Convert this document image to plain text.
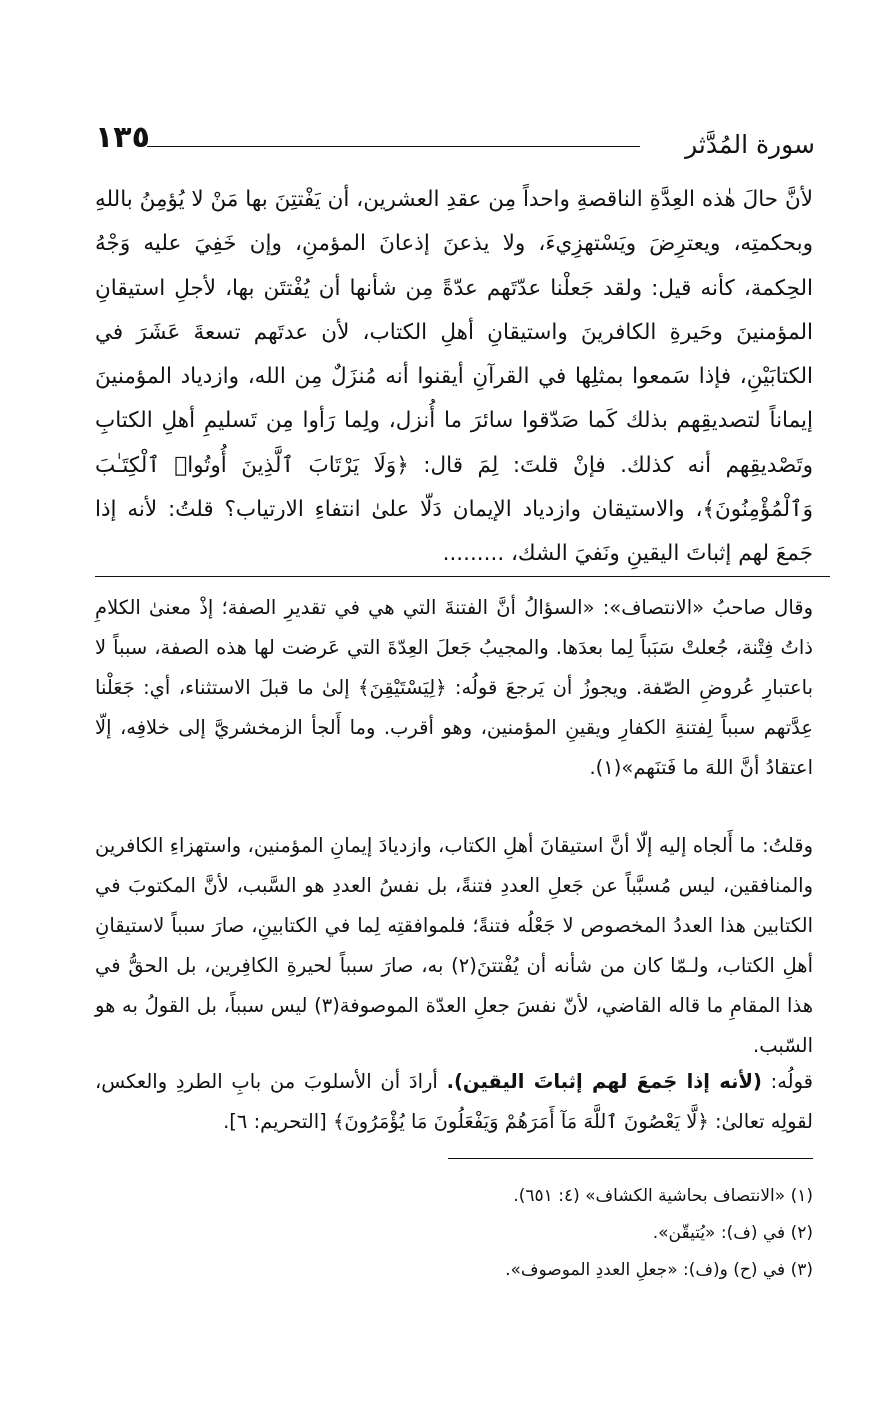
سورة المُدَّثر
١٣٥

لأنَّ حالَ هٰذه العِدَّةِ الناقصةِ واحداً مِن عقدِ العشرين، أن يَفْتتِنَ بها مَنْ لا يُؤمِنُ باللهِ وبحكمتِه، ويعترِضَ ويَسْتهزِيءَ، ولا يذعنَ إذعانَ المؤمنِ، وإن خَفِيَ عليه وَجْهُ الحِكمة، كأنه قيل: ولقد جَعلْنا عدّتَهم عدّةً مِن شأنها أن يُفْتتَن بها، لأجلِ استيقانِ المؤمنينَ وحَيرةِ الكافرينَ واستيقانِ أهلِ الكتاب، لأن عدتَهم تسعةَ عَشَرَ في الكتابَيْنِ، فإذا سَمعوا بمثلِها في القرآنِ أيقنوا أنه مُنزَلٌ مِن الله، وازدياد المؤمنينَ إيماناً لتصديقِهم بذلك كَما صَدّقوا سائرَ ما أُنزل، ولِما رَأوا مِن تَسليمِ أهلِ الكتابِ وتَصْديقِهم أنه كذلك. فإنْ قلتَ: لِمَ قال: ﴿وَلَا يَرْتَابَ ٱلَّذِينَ أُوتُوا۟ ٱلْكِتَـٰبَ وَٱلْمُؤْمِنُونَ﴾، والاستيقان وازدياد الإيمان دَلّا علىٰ انتفاءِ الارتياب؟ قلتُ: لأنه إذا جَمعَ لهم إثباتَ اليقينِ ونَفيَ الشك، .........

وقال صاحبُ «الانتصاف»: «السؤالُ أنَّ الفتنةَ التي هي في تقديرِ الصفة؛ إذْ معنىٰ الكلامِ ذاتُ فِتْنة، جُعلتْ سَبَباً لِما بعدَها. والمجيبُ جَعلَ العِدّةَ التي عَرضت لها هذه الصفة، سبباً لا باعتبارِ عُروضِ الصّفة. ويجوزُ أن يَرجعَ قولُه: ﴿لِيَسْتَيْقِنَ﴾ إلىٰ ما قبلَ الاستثناء، أي: جَعَلْنا عِدَّتهم سبباً لِفتنةِ الكفارِ ويقينِ المؤمنين، وهو أقرب. وما أَلجأ الزمخشريَّ إلى خلافِه، إلّا اعتقادُ أنَّ اللهَ ما فَتنَهم»(١).

وقلتُ: ما أَلجاه إليه إلّا أنَّ استيقانَ أهلِ الكتاب، وازديادَ إيمانِ المؤمنين، واستهزاءِ الكافرين والمنافقين، ليس مُسبَّباً عن جَعلِ العددِ فتنةً، بل نفسُ العددِ هو السَّبب، لأنَّ المكتوبَ في الكتابين هذا العددُ المخصوص لا جَعْلُه فتنةً؛ فلموافقتِه لِما في الكتابينِ، صارَ سبباً لاستيقانِ أهلِ الكتاب، ولـمّا كان من شأنه أن يُفْتتنَ(٢) به، صارَ سبباً لحيرةِ الكافِرين، بل الحقُّ في هذا المقامِ ما قاله القاضي، لأنّ نفسَ جعلِ العدّة الموصوفة(٣) ليس سبباً، بل القولُ به هو السّبب.

قولُه: (لأنه إذا جَمعَ لهم إثباتَ اليقين). أرادَ أن الأسلوبَ من بابِ الطردِ والعكس، لقولِه تعالىٰ: ﴿لَّا يَعْصُونَ ٱللَّهَ مَآ أَمَرَهُمْ وَيَفْعَلُونَ مَا يُؤْمَرُونَ﴾ [التحريم: ٦].

(١) «الانتصاف بحاشية الكشاف» (٤: ٦٥١).
(٢) في (ف): «يُتيقّن».
(٣) في (ح) و(ف): «جعلِ العددِ الموصوف».
